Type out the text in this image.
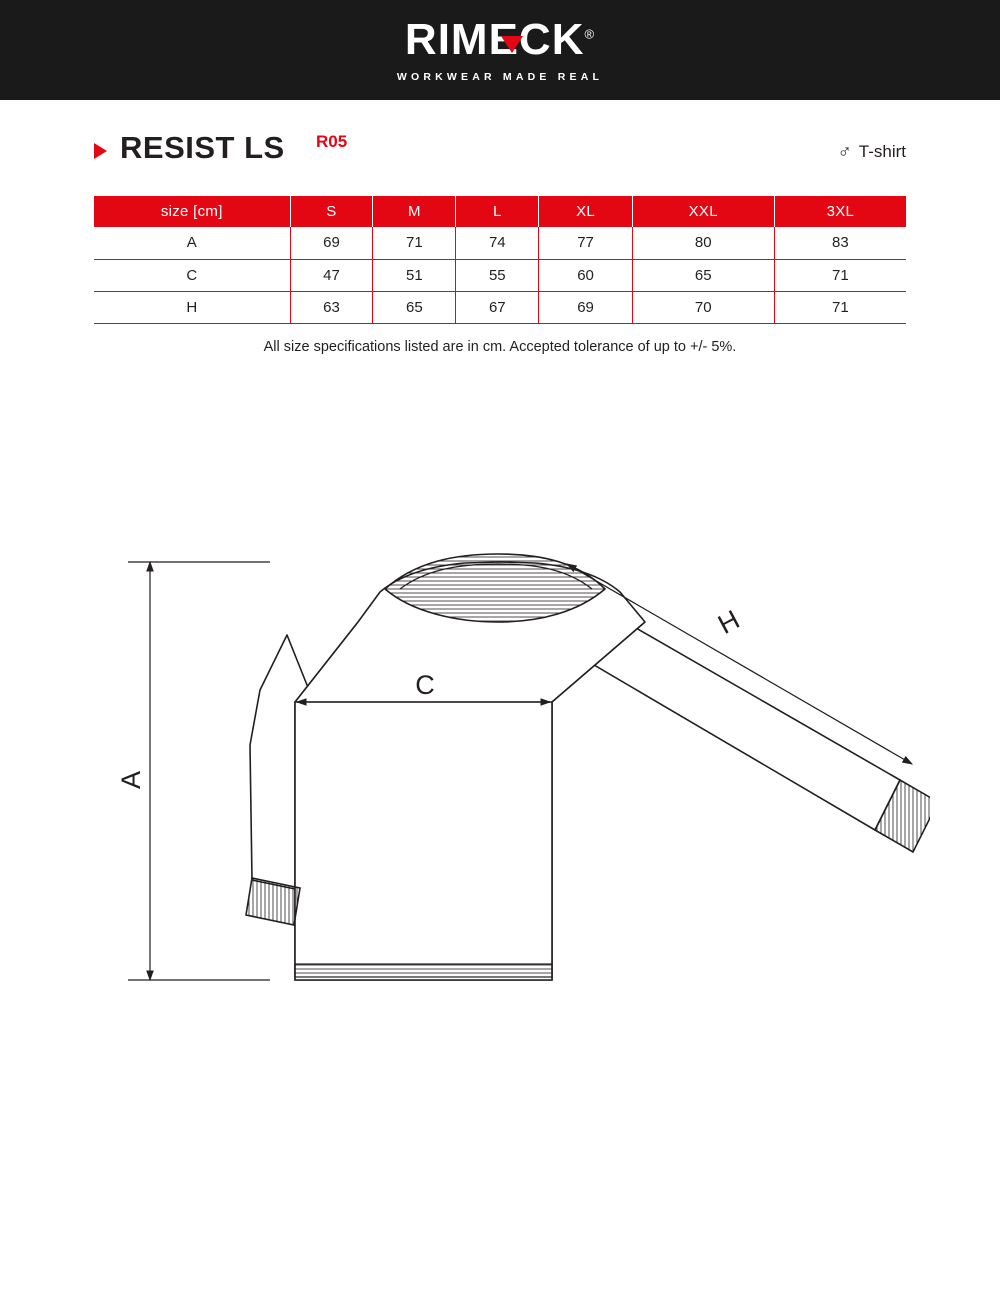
RIMECK®
WORKWEAR MADE REAL
RESIST LS R05	♂ T-shirt
size [cm]	S	M	L	XL	XXL	3XL
A	69	71	74	77	80	83
C	47	51	55	60	65	71
H	63	65	67	69	70	71
All size specifications listed are in cm. Accepted tolerance of up to +/- 5%.
A
C
H
